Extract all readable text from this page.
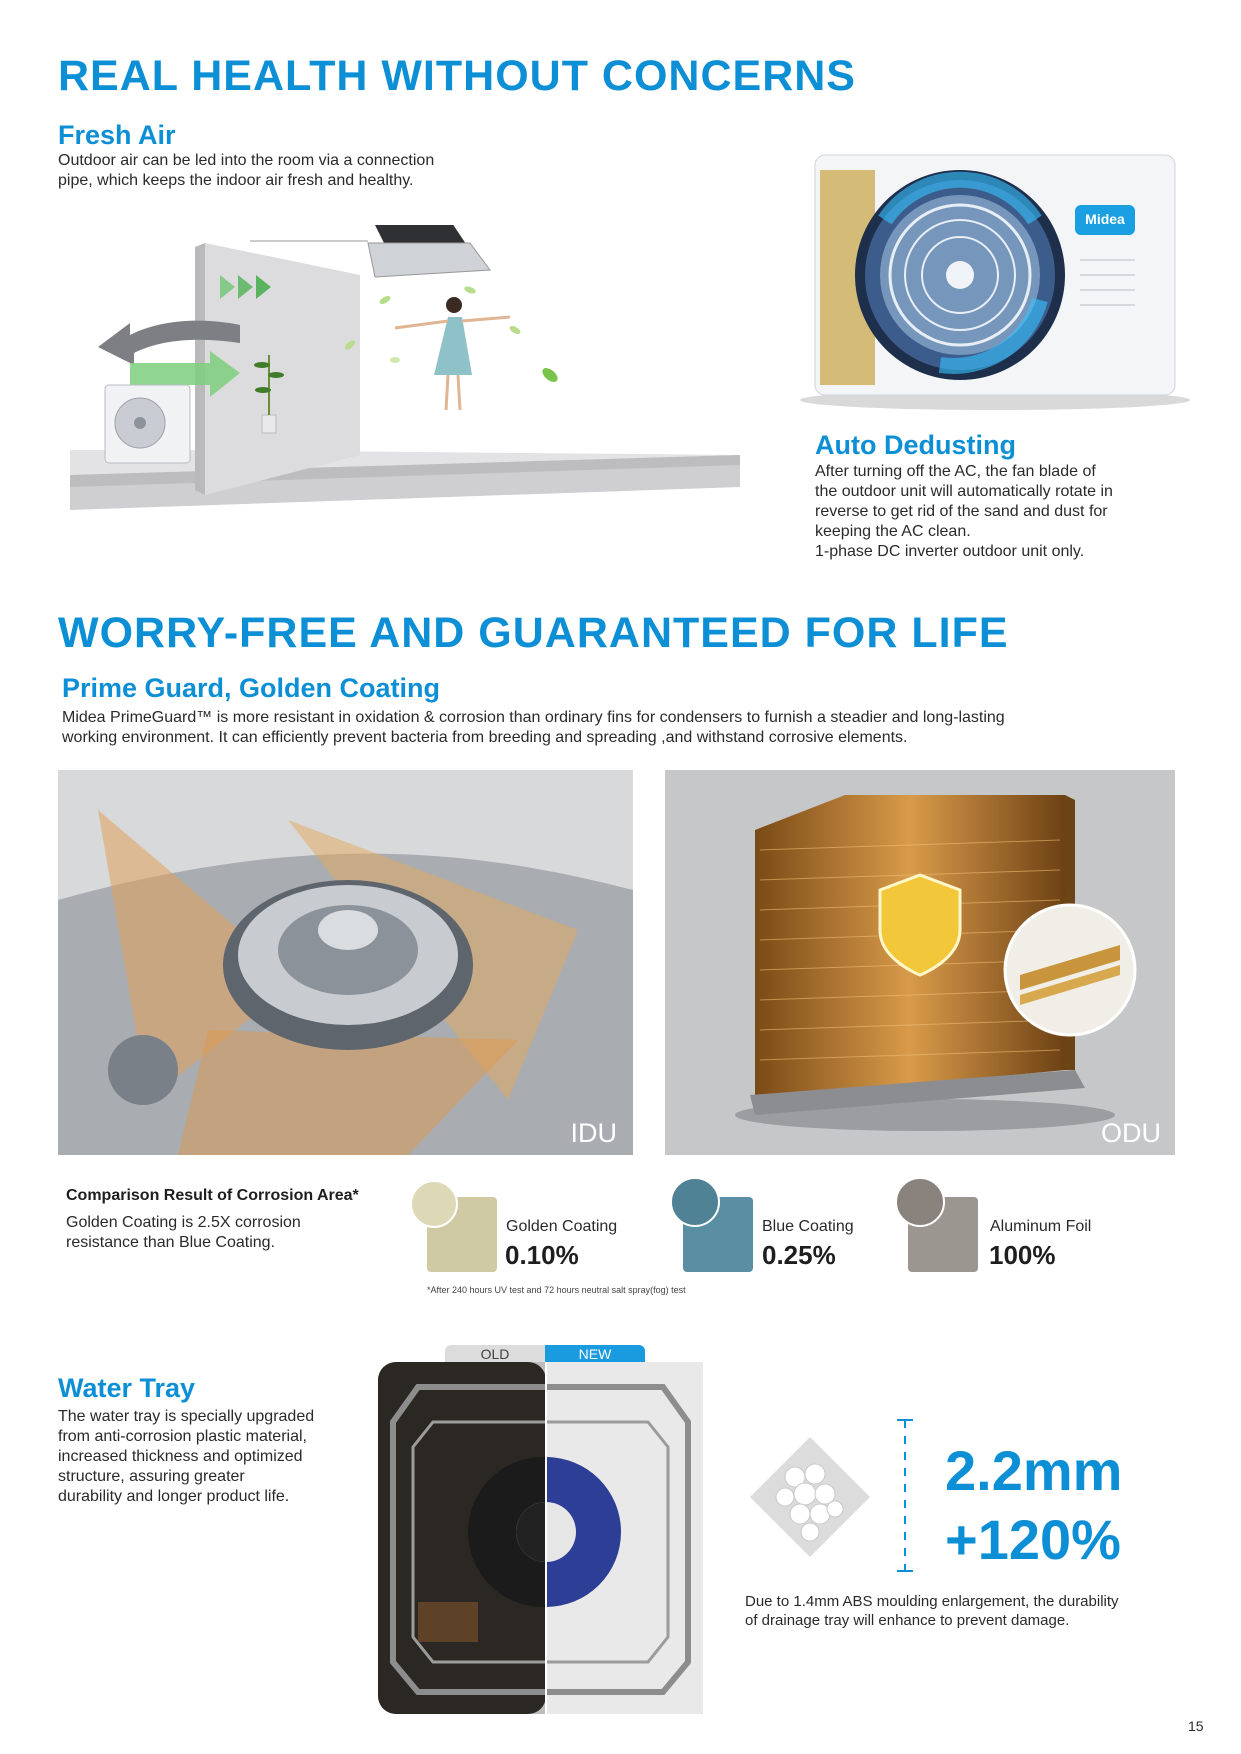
REAL HEALTH WITHOUT CONCERNS
Fresh Air
Outdoor air can be led into the room via a connection
pipe, which keeps the indoor air fresh and healthy.
Midea
Auto Dedusting
After turning off the AC, the fan blade of
the outdoor unit will automatically rotate in
reverse to get rid of the sand and dust for
keeping the AC clean.
1-phase DC inverter outdoor unit only.
WORRY-FREE AND GUARANTEED FOR LIFE
Prime Guard, Golden Coating
Midea PrimeGuard™ is more resistant in oxidation & corrosion than ordinary fins for condensers to furnish a steadier and long-lasting
working environment. It can efficiently prevent bacteria from breeding and spreading ,and withstand corrosive elements.
IDU	ODU
Comparison Result of Corrosion Area*
Golden Coating is 2.5X corrosion
resistance than Blue Coating.
Golden Coating
0.10%
Blue Coating
0.25%
Aluminum Foil
100%
*After 240 hours UV test and 72 hours neutral salt spray(fog) test
Water Tray
The water tray is specially upgraded
from anti-corrosion plastic material,
increased thickness and optimized
structure, assuring greater
durability and longer product life.
OLD	NEW
2.2mm
+120%
Due to 1.4mm ABS moulding enlargement, the durability
of drainage tray will enhance to prevent damage.
15
